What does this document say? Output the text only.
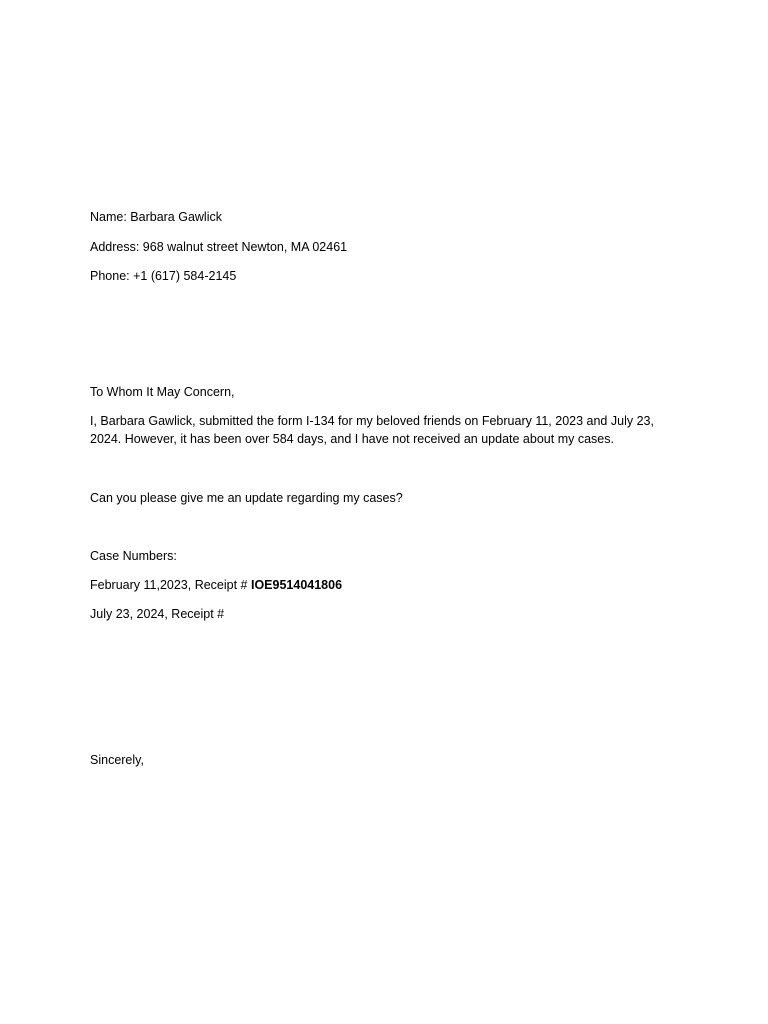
Name: Barbara Gawlick
Address: 968 walnut street Newton, MA 02461
Phone: +1 (617) 584-2145
To Whom It May Concern,
I, Barbara Gawlick, submitted the form I-134 for my beloved friends on February 11, 2023 and July 23,
2024. However, it has been over 584 days, and I have not received an update about my cases.
Can you please give me an update regarding my cases?
Case Numbers:
February 11,2023, Receipt # IOE9514041806
July 23, 2024, Receipt #
Sincerely,
